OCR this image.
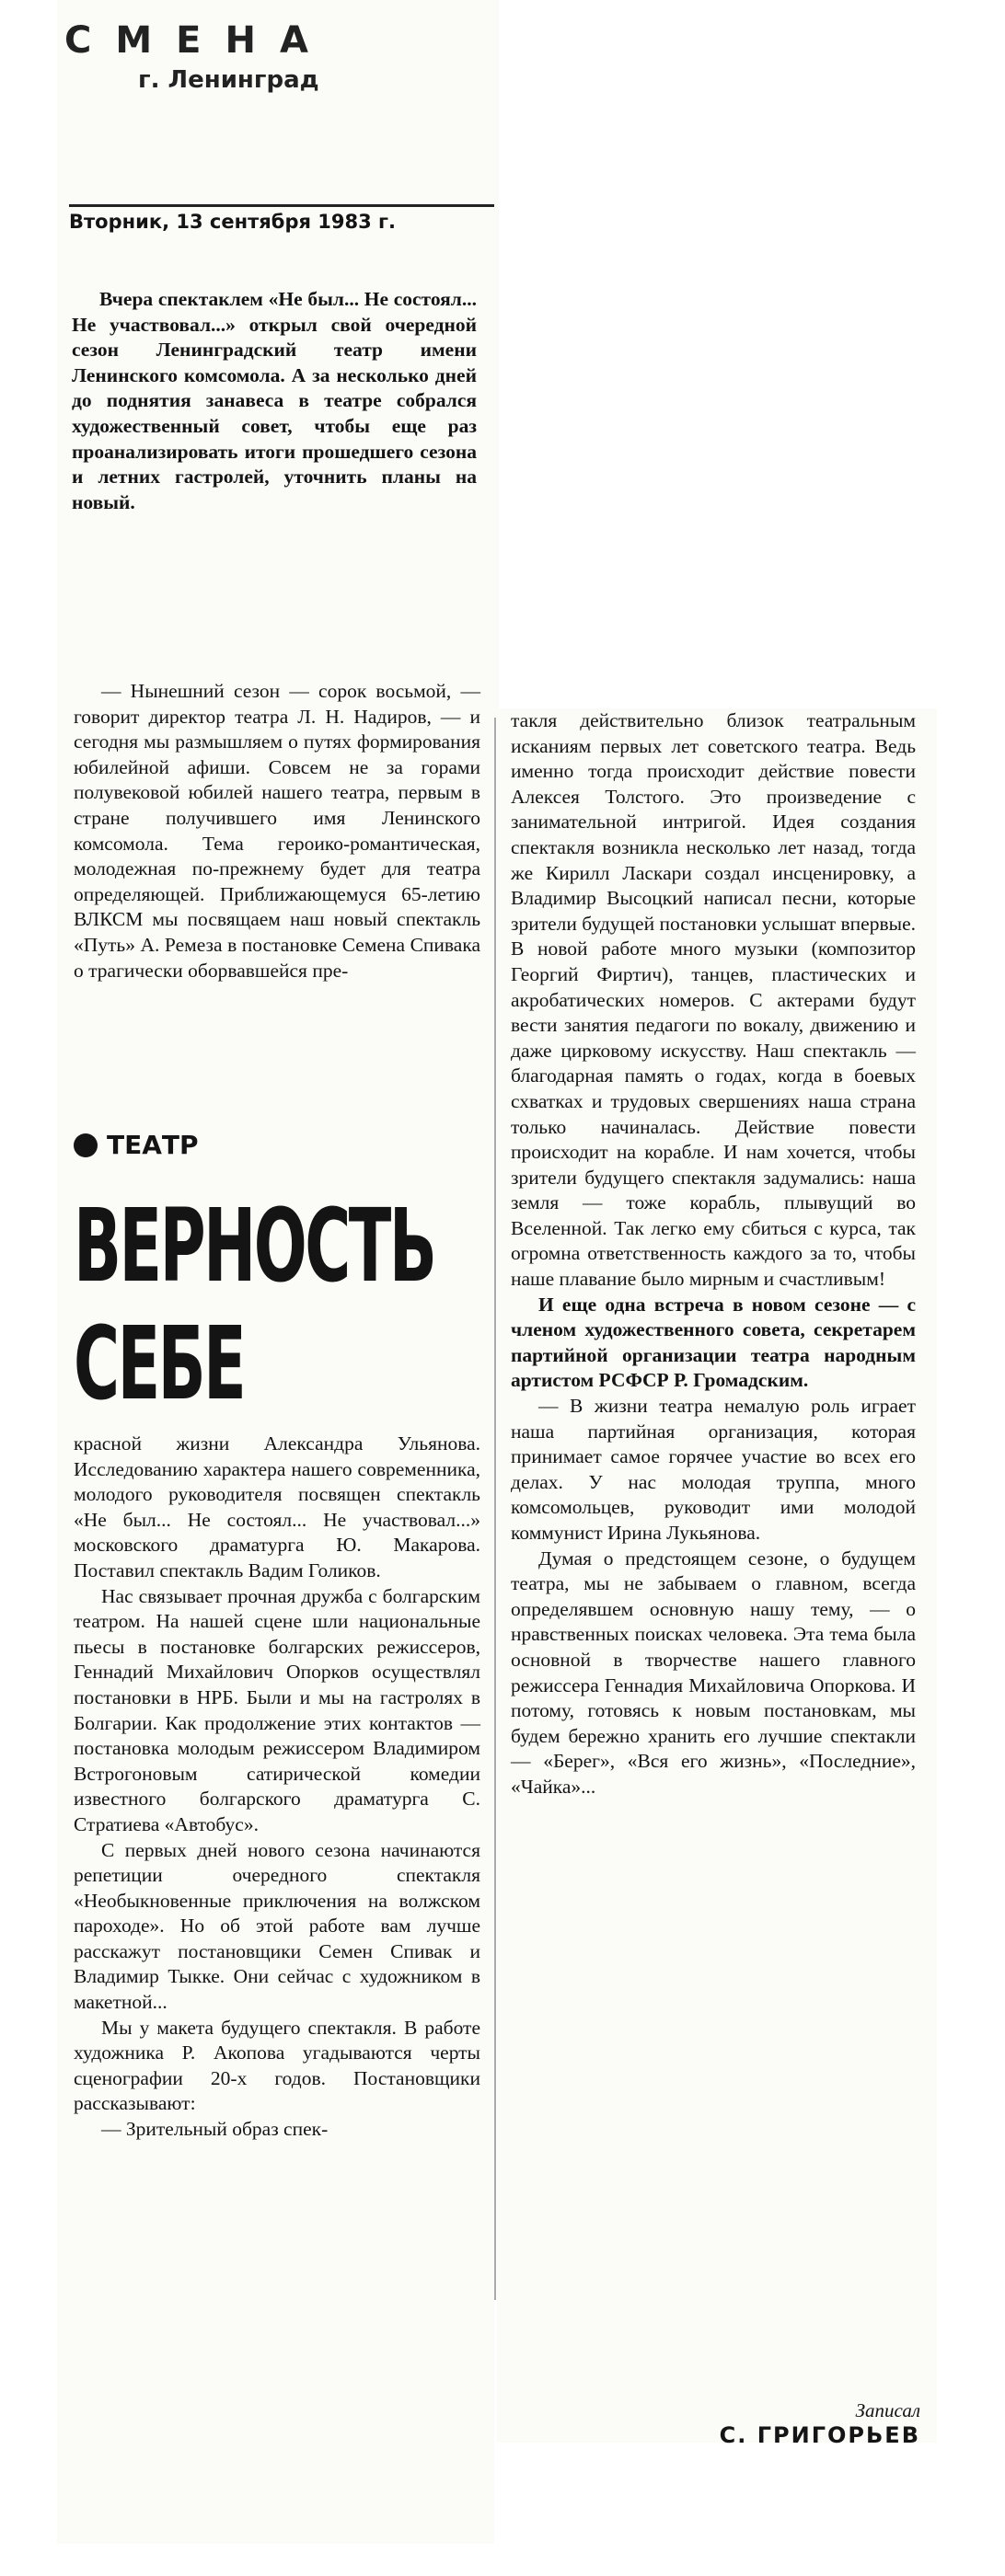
СМЕНА
г. Ленинград
Вторник, 13 сентября 1983 г.

Вчера спектаклем «Не был... Не состоял... Не участвовал...» открыл свой очередной сезон Ленинградский театр имени Ленинского комсомола. А за несколько дней до поднятия занавеса в театре собрался художественный совет, чтобы еще раз проанализировать итоги прошедшего сезона и летних гастролей, уточнить планы на новый.

— Нынешний сезон — сорок восьмой, — говорит директор театра Л. Н. Надиров, — и сегодня мы размышляем о путях формирования юбилейной афиши. Совсем не за горами полувековой юбилей нашего театра, первым в стране получившего имя Ленинского комсомола. Тема героико-романтическая, молодежная по-прежнему будет для театра определяющей. Приближающемуся 65-летию ВЛКСМ мы посвящаем наш новый спектакль «Путь» А. Ремеза в постановке Семена Спивака о трагически оборвавшейся пре-

ТЕАТР
ВЕРНОСТЬ
СЕБЕ

красной жизни Александра Ульянова. Исследованию характера нашего современника, молодого руководителя посвящен спектакль «Не был... Не состоял... Не участвовал...» московского драматурга Ю. Макарова. Поставил спектакль Вадим Голиков.

Нас связывает прочная дружба с болгарским театром. На нашей сцене шли национальные пьесы в постановке болгарских режиссеров, Геннадий Михайлович Опорков осуществлял постановки в НРБ. Были и мы на гастролях в Болгарии. Как продолжение этих контактов — постановка молодым режиссером Владимиром Встрогоновым сатирической комедии известного болгарского драматурга С. Стратиева «Автобус».

С первых дней нового сезона начинаются репетиции очередного спектакля «Необыкновенные приключения на волжском пароходе». Но об этой работе вам лучше расскажут постановщики Семен Спивак и Владимир Тыкке. Они сейчас с художником в макетной...

Мы у макета будущего спектакля. В работе художника Р. Акопова угадываются черты сценографии 20-х годов. Постановщики рассказывают:

— Зрительный образ спек-

такля действительно близок театральным исканиям первых лет советского театра. Ведь именно тогда происходит действие повести Алексея Толстого. Это произведение с занимательной интригой. Идея создания спектакля возникла несколько лет назад, тогда же Кирилл Ласкари создал инсценировку, а Владимир Высоцкий написал песни, которые зрители будущей постановки услышат впервые. В новой работе много музыки (композитор Георгий Фиртич), танцев, пластических и акробатических номеров. С актерами будут вести занятия педагоги по вокалу, движению и даже цирковому искусству. Наш спектакль — благодарная память о годах, когда в боевых схватках и трудовых свершениях наша страна только начиналась. Действие повести происходит на корабле. И нам хочется, чтобы зрители будущего спектакля задумались: наша земля — тоже корабль, плывущий во Вселенной. Так легко ему сбиться с курса, так огромна ответственность каждого за то, чтобы наше плавание было мирным и счастливым!

И еще одна встреча в новом сезоне — с членом художественного совета, секретарем партийной организации театра народным артистом РСФСР Р. Громадским.

— В жизни театра немалую роль играет наша партийная организация, которая принимает самое горячее участие во всех его делах. У нас молодая труппа, много комсомольцев, руководит ими молодой коммунист Ирина Лукьянова.

Думая о предстоящем сезоне, о будущем театра, мы не забываем о главном, всегда определявшем основную нашу тему, — о нравственных поисках человека. Эта тема была основной в творчестве нашего главного режиссера Геннадия Михайловича Опоркова. И потому, готовясь к новым постановкам, мы будем бережно хранить его лучшие спектакли — «Берег», «Вся его жизнь», «Последние», «Чайка»...

Записал
С. ГРИГОРЬЕВ
